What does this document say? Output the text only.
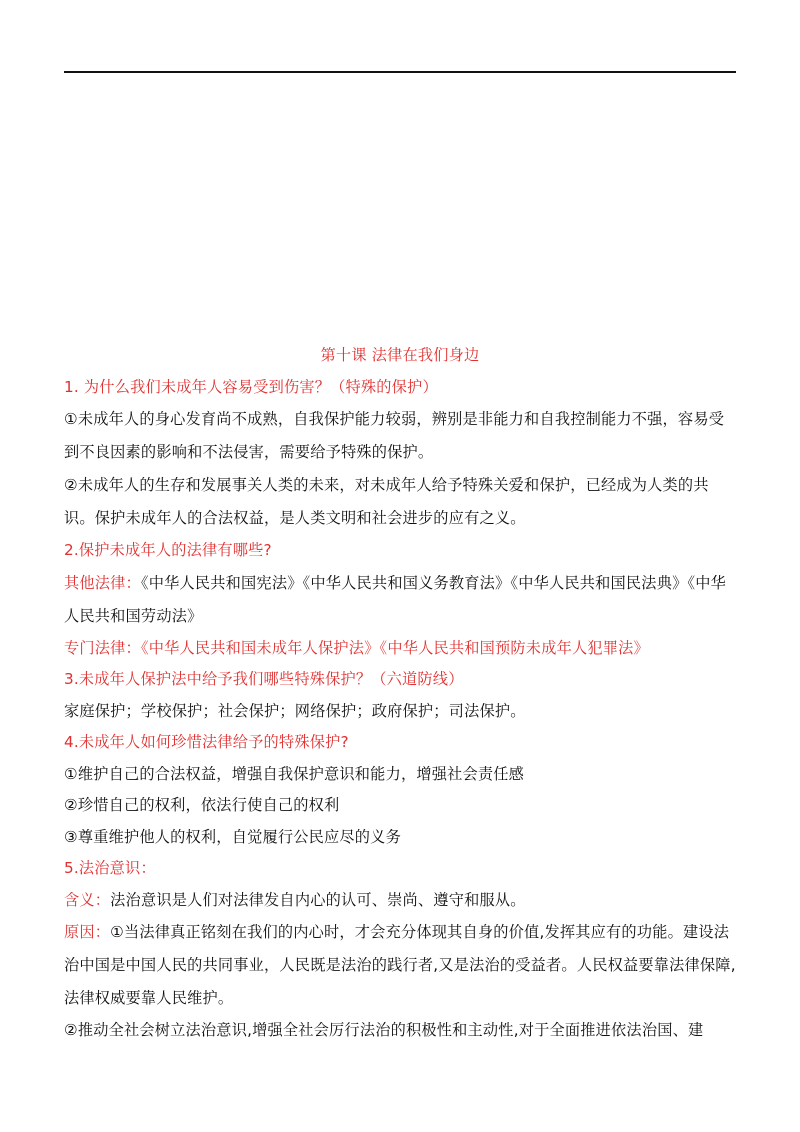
第十课 法律在我们身边

1. 为什么我们未成年人容易受到伤害？（特殊的保护）

①未成年人的身心发育尚不成熟，自我保护能力较弱，辨别是非能力和自我控制能力不强，容易受到不良因素的影响和不法侵害，需要给予特殊的保护。

②未成年人的生存和发展事关人类的未来，对未成年人给予特殊关爱和保护，已经成为人类的共识。保护未成年人的合法权益，是人类文明和社会进步的应有之义。

2.保护未成年人的法律有哪些?

其他法律：《中华人民共和国宪法》《中华人民共和国义务教育法》《中华人民共和国民法典》《中华人民共和国劳动法》

专门法律：《中华人民共和国未成年人保护法》《中华人民共和国预防未成年人犯罪法》

3.未成年人保护法中给予我们哪些特殊保护？（六道防线）

家庭保护；学校保护；社会保护；网络保护；政府保护；司法保护。

4.未成年人如何珍惜法律给予的特殊保护?

①维护自己的合法权益，增强自我保护意识和能力，增强社会责任感

②珍惜自己的权利，依法行使自己的权利

③尊重维护他人的权利，自觉履行公民应尽的义务

5.法治意识：

含义：法治意识是人们对法律发自内心的认可、崇尚、遵守和服从。

原因：①当法律真正铭刻在我们的内心时，才会充分体现其自身的价值,发挥其应有的功能。建设法治中国是中国人民的共同事业，人民既是法治的践行者,又是法治的受益者。人民权益要靠法律保障,法律权威要靠人民维护。

②推动全社会树立法治意识,增强全社会厉行法治的积极性和主动性,对于全面推进依法治国、建
